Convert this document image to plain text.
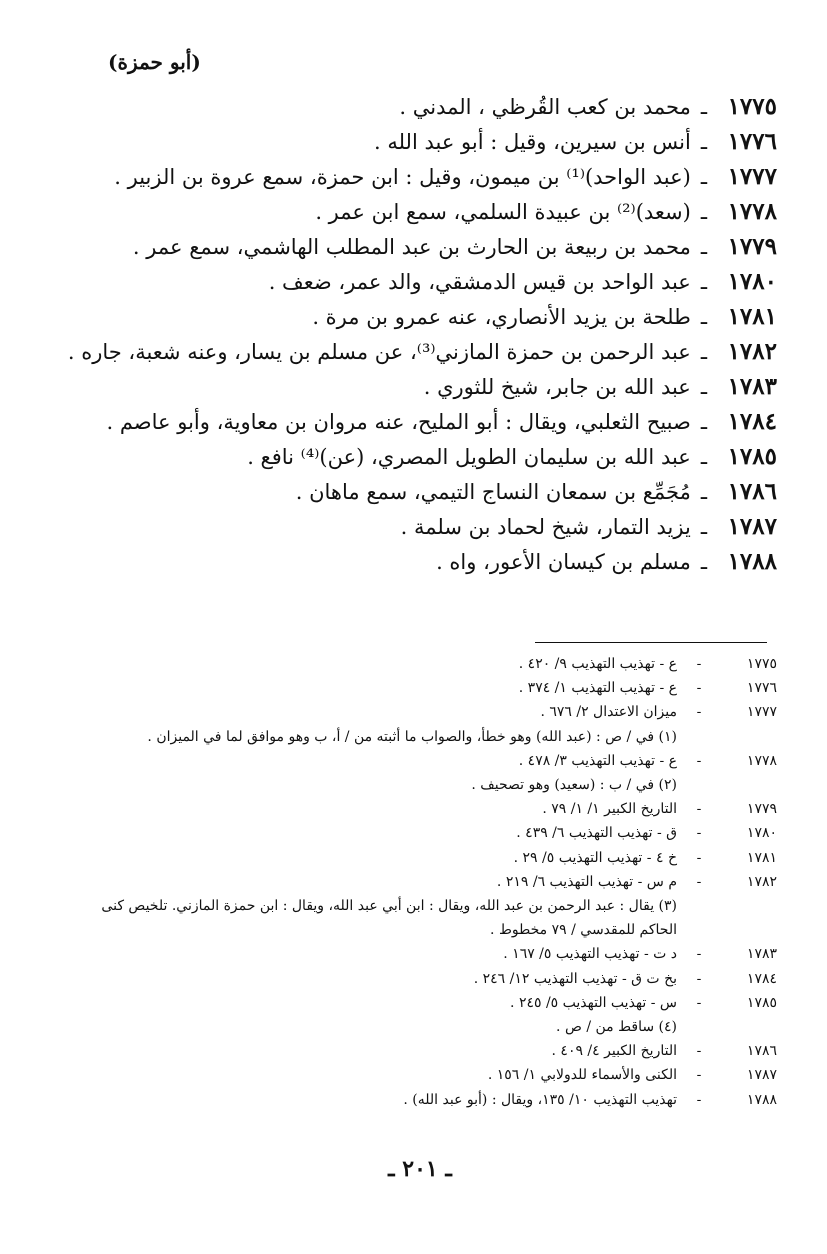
(أبو حمزة)
١٧٧٥ـمحمد بن كعب القُرظي ، المدني .
١٧٧٦ـأنس بن سيرين، وقيل : أبو عبد الله .
١٧٧٧ـ(عبد الواحد)⁽¹⁾ بن ميمون، وقيل : ابن حمزة، سمع عروة بن الزبير .
١٧٧٨ـ(سعد)⁽²⁾ بن عبيدة السلمي، سمع ابن عمر .
١٧٧٩ـمحمد بن ربيعة بن الحارث بن عبد المطلب الهاشمي، سمع عمر .
١٧٨٠ـعبد الواحد بن قيس الدمشقي، والد عمر، ضعف .
١٧٨١ـطلحة بن يزيد الأنصاري، عنه عمرو بن مرة .
١٧٨٢ـعبد الرحمن بن حمزة المازني⁽³⁾، عن مسلم بن يسار، وعنه شعبة، جاره .
١٧٨٣ـعبد الله بن جابر، شيخ للثوري .
١٧٨٤ـصبيح الثعلبي، ويقال : أبو المليح، عنه مروان بن معاوية، وأبو عاصم .
١٧٨٥ـعبد الله بن سليمان الطويل المصري، (عن)⁽⁴⁾ نافع .
١٧٨٦ـمُجَمِّع بن سمعان النساج التيمي، سمع ماهان .
١٧٨٧ـيزيد التمار، شيخ لحماد بن سلمة .
١٧٨٨ـمسلم بن كيسان الأعور، واه .
١٧٧٥-ع - تهذيب التهذيب ٩/ ٤٢٠ .
١٧٧٦-ع - تهذيب التهذيب ١/ ٣٧٤ .
١٧٧٧-ميزان الاعتدال ٢/ ٦٧٦ .
(١) في / ص : (عبد الله) وهو خطأ، والصواب ما أثبته من / أ، ب وهو موافق لما في الميزان .
١٧٧٨-ع - تهذيب التهذيب ٣/ ٤٧٨ .
(٢) في / ب : (سعيد) وهو تصحيف .
١٧٧٩-التاريخ الكبير ١/ ١/ ٧٩ .
١٧٨٠-ق - تهذيب التهذيب ٦/ ٤٣٩ .
١٧٨١-خ ٤ - تهذيب التهذيب ٥/ ٢٩ .
١٧٨٢-م س - تهذيب التهذيب ٦/ ٢١٩ .
(٣) يقال : عبد الرحمن بن عبد الله، ويقال : ابن أبي عبد الله، ويقال : ابن حمزة المازني. تلخيص كنى
الحاكم للمقدسي / ٧٩ مخطوط .
١٧٨٣-د ت - تهذيب التهذيب ٥/ ١٦٧ .
١٧٨٤-بخ ت ق - تهذيب التهذيب ١٢/ ٢٤٦ .
١٧٨٥-س - تهذيب التهذيب ٥/ ٢٤٥ .
(٤) ساقط من / ص .
١٧٨٦-التاريخ الكبير ٤/ ٤٠٩ .
١٧٨٧-الكنى والأسماء للدولابي ١/ ١٥٦ .
١٧٨٨-تهذيب التهذيب ١٠/ ١٣٥، ويقال : (أبو عبد الله) .
ـ ٢٠١ ـ
